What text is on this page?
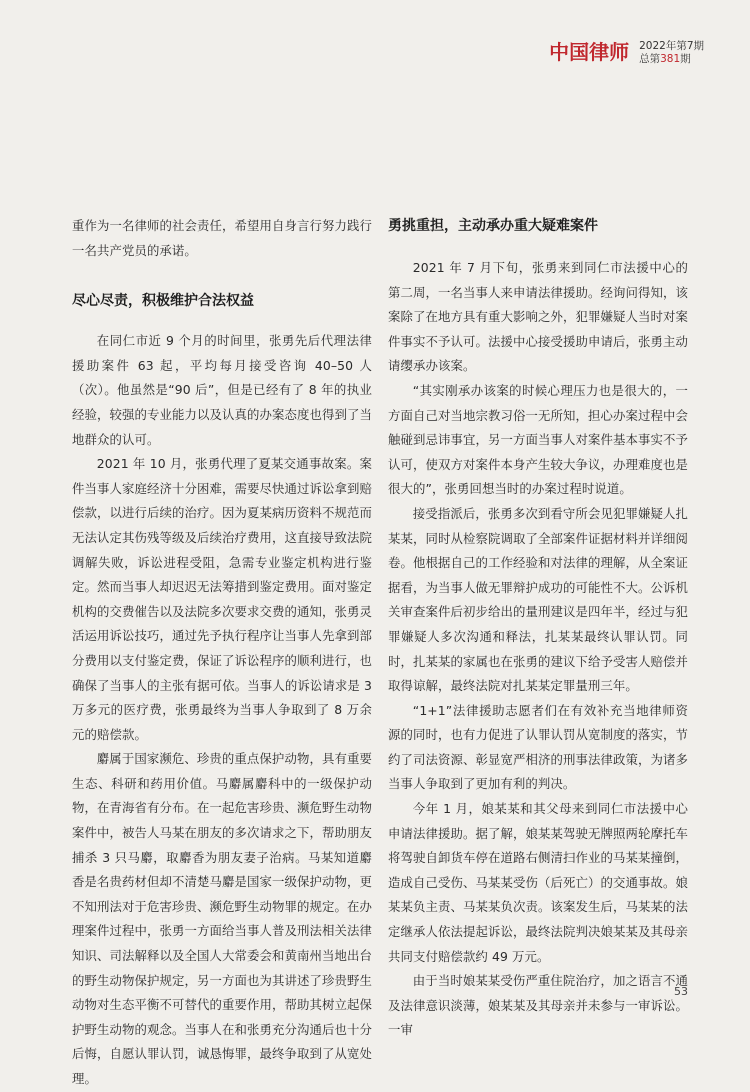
中国律师 2022年第7期
总第381期

重作为一名律师的社会责任，希望用自身言行努力践行一名共产党员的承诺。

尽心尽责，积极维护合法权益

在同仁市近 9 个月的时间里，张勇先后代理法律援助案件 63 起，平均每月接受咨询 40–50 人（次）。他虽然是“90 后”，但是已经有了 8 年的执业经验，较强的专业能力以及认真的办案态度也得到了当地群众的认可。

2021 年 10 月，张勇代理了夏某交通事故案。案件当事人家庭经济十分困难，需要尽快通过诉讼拿到赔偿款，以进行后续的治疗。因为夏某病历资料不规范而无法认定其伤残等级及后续治疗费用，这直接导致法院调解失败，诉讼进程受阻，急需专业鉴定机构进行鉴定。然而当事人却迟迟无法筹措到鉴定费用。面对鉴定机构的交费催告以及法院多次要求交费的通知，张勇灵活运用诉讼技巧，通过先予执行程序让当事人先拿到部分费用以支付鉴定费，保证了诉讼程序的顺利进行，也确保了当事人的主张有据可依。当事人的诉讼请求是 3 万多元的医疗费，张勇最终为当事人争取到了 8 万余元的赔偿款。

麝属于国家濒危、珍贵的重点保护动物，具有重要生态、科研和药用价值。马麝属麝科中的一级保护动物，在青海省有分布。在一起危害珍贵、濒危野生动物案件中，被告人马某在朋友的多次请求之下，帮助朋友捕杀 3 只马麝，取麝香为朋友妻子治病。马某知道麝香是名贵药材但却不清楚马麝是国家一级保护动物，更不知刑法对于危害珍贵、濒危野生动物罪的规定。在办理案件过程中，张勇一方面给当事人普及刑法相关法律知识、司法解释以及全国人大常委会和黄南州当地出台的野生动物保护规定，另一方面也为其讲述了珍贵野生动物对生态平衡不可替代的重要作用，帮助其树立起保护野生动物的观念。当事人在和张勇充分沟通后也十分后悔，自愿认罪认罚，诚恳悔罪，最终争取到了从宽处理。

勇挑重担，主动承办重大疑难案件

2021 年 7 月下旬，张勇来到同仁市法援中心的第二周，一名当事人来申请法律援助。经询问得知，该案除了在地方具有重大影响之外，犯罪嫌疑人当时对案件事实不予认可。法援中心接受援助申请后，张勇主动请缨承办该案。

“其实刚承办该案的时候心理压力也是很大的，一方面自己对当地宗教习俗一无所知，担心办案过程中会触碰到忌讳事宜，另一方面当事人对案件基本事实不予认可，使双方对案件本身产生较大争议，办理难度也是很大的”，张勇回想当时的办案过程时说道。

接受指派后，张勇多次到看守所会见犯罪嫌疑人扎某某，同时从检察院调取了全部案件证据材料并详细阅卷。他根据自己的工作经验和对法律的理解，从全案证据看，为当事人做无罪辩护成功的可能性不大。公诉机关审查案件后初步给出的量刑建议是四年半，经过与犯罪嫌疑人多次沟通和释法，扎某某最终认罪认罚。同时，扎某某的家属也在张勇的建议下给予受害人赔偿并取得谅解，最终法院对扎某某定罪量刑三年。

“1+1”法律援助志愿者们在有效补充当地律师资源的同时，也有力促进了认罪认罚从宽制度的落实，节约了司法资源、彰显宽严相济的刑事法律政策，为诸多当事人争取到了更加有利的判决。

今年 1 月，娘某某和其父母来到同仁市法援中心申请法律援助。据了解，娘某某驾驶无牌照两轮摩托车将驾驶自卸货车停在道路右侧清扫作业的马某某撞倒，造成自己受伤、马某某受伤（后死亡）的交通事故。娘某某负主责、马某某负次责。该案发生后，马某某的法定继承人依法提起诉讼，最终法院判决娘某某及其母亲共同支付赔偿款约 49 万元。

由于当时娘某某受伤严重住院治疗，加之语言不通及法律意识淡薄，娘某某及其母亲并未参与一审诉讼。一审

53
